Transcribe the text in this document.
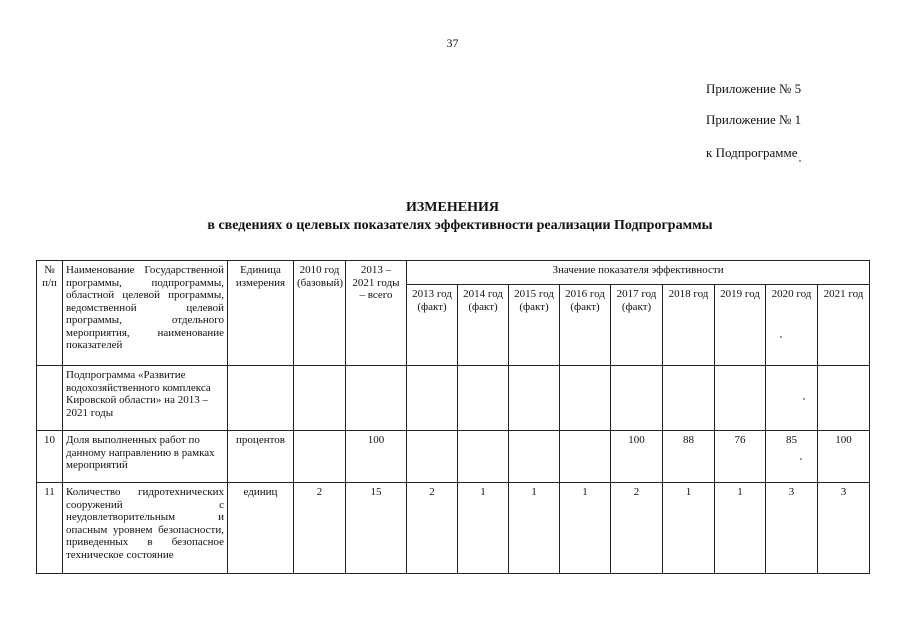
37
Приложение № 5
Приложение № 1
к Подпрограмме
ИЗМЕНЕНИЯ
в сведениях о целевых показателях эффективности реализации Подпрограммы
№ п/п	Наименование Государственной программы, подпрограммы, областной целевой программы, ведомственной целевой программы, отдельного мероприятия, наименование показателей	Единица измерения	2010 год (базовый)	2013 – 2021 годы – всего	Значение показателя эффективности								
					2013 год (факт)	2014 год (факт)	2015 год (факт)	2016 год (факт)	2017 год (факт)	2018 год	2019 год	2020 год	2021 год
	Подпрограмма «Развитие водохозяйственного комплекса Кировской области» на 2013 – 2021 годы												
10	Доля выполненных работ по данному направлению в рамках мероприятий	процентов		100					100	88	76	85	100
11	Количество гидротехнических сооружений с неудовлетворительным и опасным уровнем безопасности, приведенных в безопасное техническое состояние	единиц	2	15	2	1	1	1	2	1	1	3	3
